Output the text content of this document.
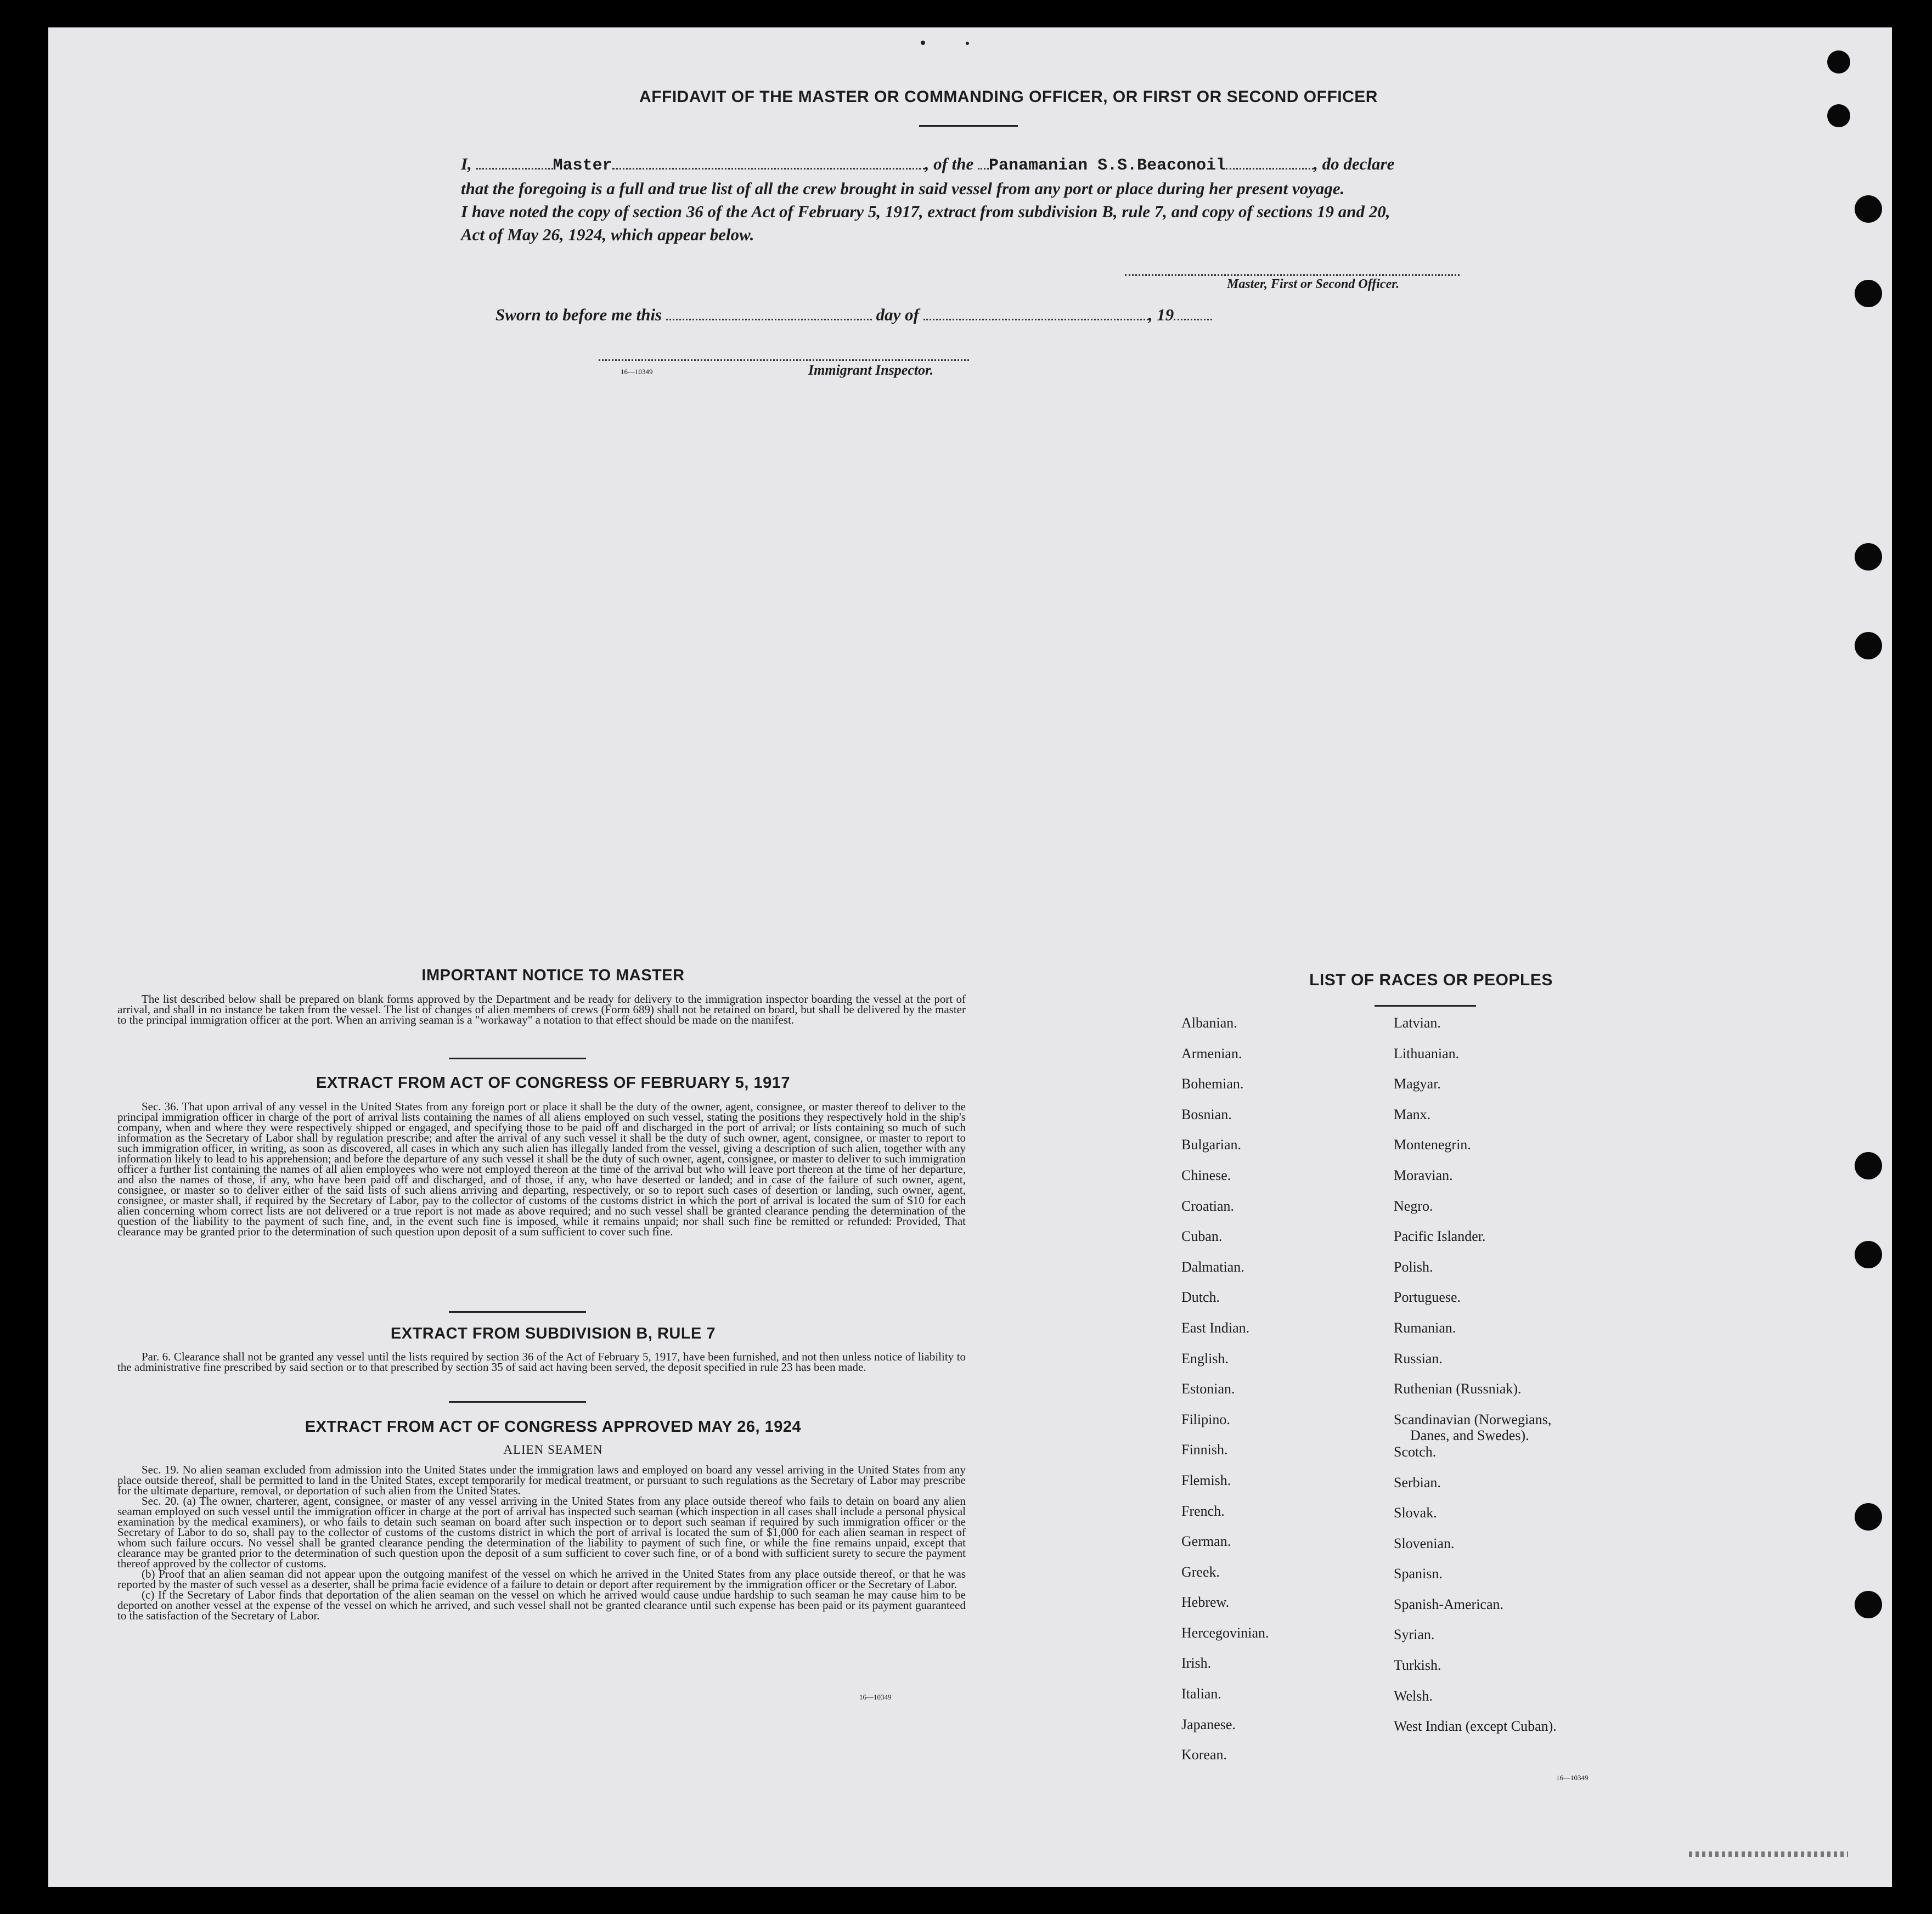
AFFIDAVIT OF THE MASTER OR COMMANDING OFFICER, OR FIRST OR SECOND OFFICER
I,	Master	, of the Panamanian S.S.Beaconoil	, do declare
that the foregoing is a full and true list of all the crew brought in said vessel from any port or place during her present voyage.
I have noted the copy of section 36 of the Act of February 5, 1917, extract from subdivision B, rule 7, and copy of sections 19 and 20,
Act of May 26, 1924, which appear below.
Master, First or Second Officer.
Sworn to before me this	day of	, 19
16—10349	Immigrant Inspector.
IMPORTANT NOTICE TO MASTER

The list described below shall be prepared on blank forms approved by the Department and be ready for delivery to the immigration inspector boarding the vessel at the port of arrival, and shall in no instance be taken from the vessel. The list of changes of alien members of crews (Form 689) shall not be retained on board, but shall be delivered by the master to the principal immigration officer at the port. When an arriving seaman is a "workaway" a notation to that effect should be made on the manifest.

EXTRACT FROM ACT OF CONGRESS OF FEBRUARY 5, 1917

Sec. 36. That upon arrival of any vessel in the United States from any foreign port or place it shall be the duty of the owner, agent, consignee, or master thereof to deliver to the principal immigration officer in charge of the port of arrival lists containing the names of all aliens employed on such vessel, stating the positions they respectively hold in the ship's company, when and where they were respectively shipped or engaged, and specifying those to be paid off and discharged in the port of arrival; or lists containing so much of such information as the Secretary of Labor shall by regulation prescribe; and after the arrival of any such vessel it shall be the duty of such owner, agent, consignee, or master to report to such immigration officer, in writing, as soon as discovered, all cases in which any such alien has illegally landed from the vessel, giving a description of such alien, together with any information likely to lead to his apprehension; and before the departure of any such vessel it shall be the duty of such owner, agent, consignee, or master to deliver to such immigration officer a further list containing the names of all alien employees who were not employed thereon at the time of the arrival but who will leave port thereon at the time of her departure, and also the names of those, if any, who have been paid off and discharged, and of those, if any, who have deserted or landed; and in case of the failure of such owner, agent, consignee, or master so to deliver either of the said lists of such aliens arriving and departing, respectively, or so to report such cases of desertion or landing, such owner, agent, consignee, or master shall, if required by the Secretary of Labor, pay to the collector of customs of the customs district in which the port of arrival is located the sum of $10 for each alien concerning whom correct lists are not delivered or a true report is not made as above required; and no such vessel shall be granted clearance pending the determination of the question of the liability to the payment of such fine, and, in the event such fine is imposed, while it remains unpaid; nor shall such fine be remitted or refunded: Provided, That clearance may be granted prior to the determination of such question upon deposit of a sum sufficient to cover such fine.

EXTRACT FROM SUBDIVISION B, RULE 7

Par. 6. Clearance shall not be granted any vessel until the lists required by section 36 of the Act of February 5, 1917, have been furnished, and not then unless notice of liability to the administrative fine prescribed by said section or to that prescribed by section 35 of said act having been served, the deposit specified in rule 23 has been made.

EXTRACT FROM ACT OF CONGRESS APPROVED MAY 26, 1924
ALIEN SEAMEN

Sec. 19. No alien seaman excluded from admission into the United States under the immigration laws and employed on board any vessel arriving in the United States from any place outside thereof, shall be permitted to land in the United States, except temporarily for medical treatment, or pursuant to such regulations as the Secretary of Labor may prescribe for the ultimate departure, removal, or deportation of such alien from the United States.

Sec. 20. (a) The owner, charterer, agent, consignee, or master of any vessel arriving in the United States from any place outside thereof who fails to detain on board any alien seaman employed on such vessel until the immigration officer in charge at the port of arrival has inspected such seaman (which inspection in all cases shall include a personal physical examination by the medical examiners), or who fails to detain such seaman on board after such inspection or to deport such seaman if required by such immigration officer or the Secretary of Labor to do so, shall pay to the collector of customs of the customs district in which the port of arrival is located the sum of $1,000 for each alien seaman in respect of whom such failure occurs. No vessel shall be granted clearance pending the determination of the liability to payment of such fine, or while the fine remains unpaid, except that clearance may be granted prior to the determination of such question upon the deposit of a sum sufficient to cover such fine, or of a bond with sufficient surety to secure the payment thereof approved by the collector of customs.

(b) Proof that an alien seaman did not appear upon the outgoing manifest of the vessel on which he arrived in the United States from any place outside thereof, or that he was reported by the master of such vessel as a deserter, shall be prima facie evidence of a failure to detain or deport after requirement by the immigration officer or the Secretary of Labor.

(c) If the Secretary of Labor finds that deportation of the alien seaman on the vessel on which he arrived would cause undue hardship to such seaman he may cause him to be deported on another vessel at the expense of the vessel on which he arrived, and such vessel shall not be granted clearance until such expense has been paid or its payment guaranteed to the satisfaction of the Secretary of Labor.

16—10349
LIST OF RACES OR PEOPLES
Albanian.
Armenian.
Bohemian.
Bosnian.
Bulgarian.
Chinese.
Croatian.
Cuban.
Dalmatian.
Dutch.
East Indian.
English.
Estonian.
Filipino.
Finnish.
Flemish.
French.
German.
Greek.
Hebrew.
Hercegovinian.
Irish.
Italian.
Japanese.
Korean.
Latvian.
Lithuanian.
Magyar.
Manx.
Montenegrin.
Moravian.
Negro.
Pacific Islander.
Polish.
Portuguese.
Rumanian.
Russian.
Ruthenian (Russniak).
Scandinavian (Norwegians,
Danes, and Swedes).
Scotch.
Serbian.
Slovak.
Slovenian.
Spanisn.
Spanish-American.
Syrian.
Turkish.
Welsh.
West Indian (except Cuban).
16—10349
